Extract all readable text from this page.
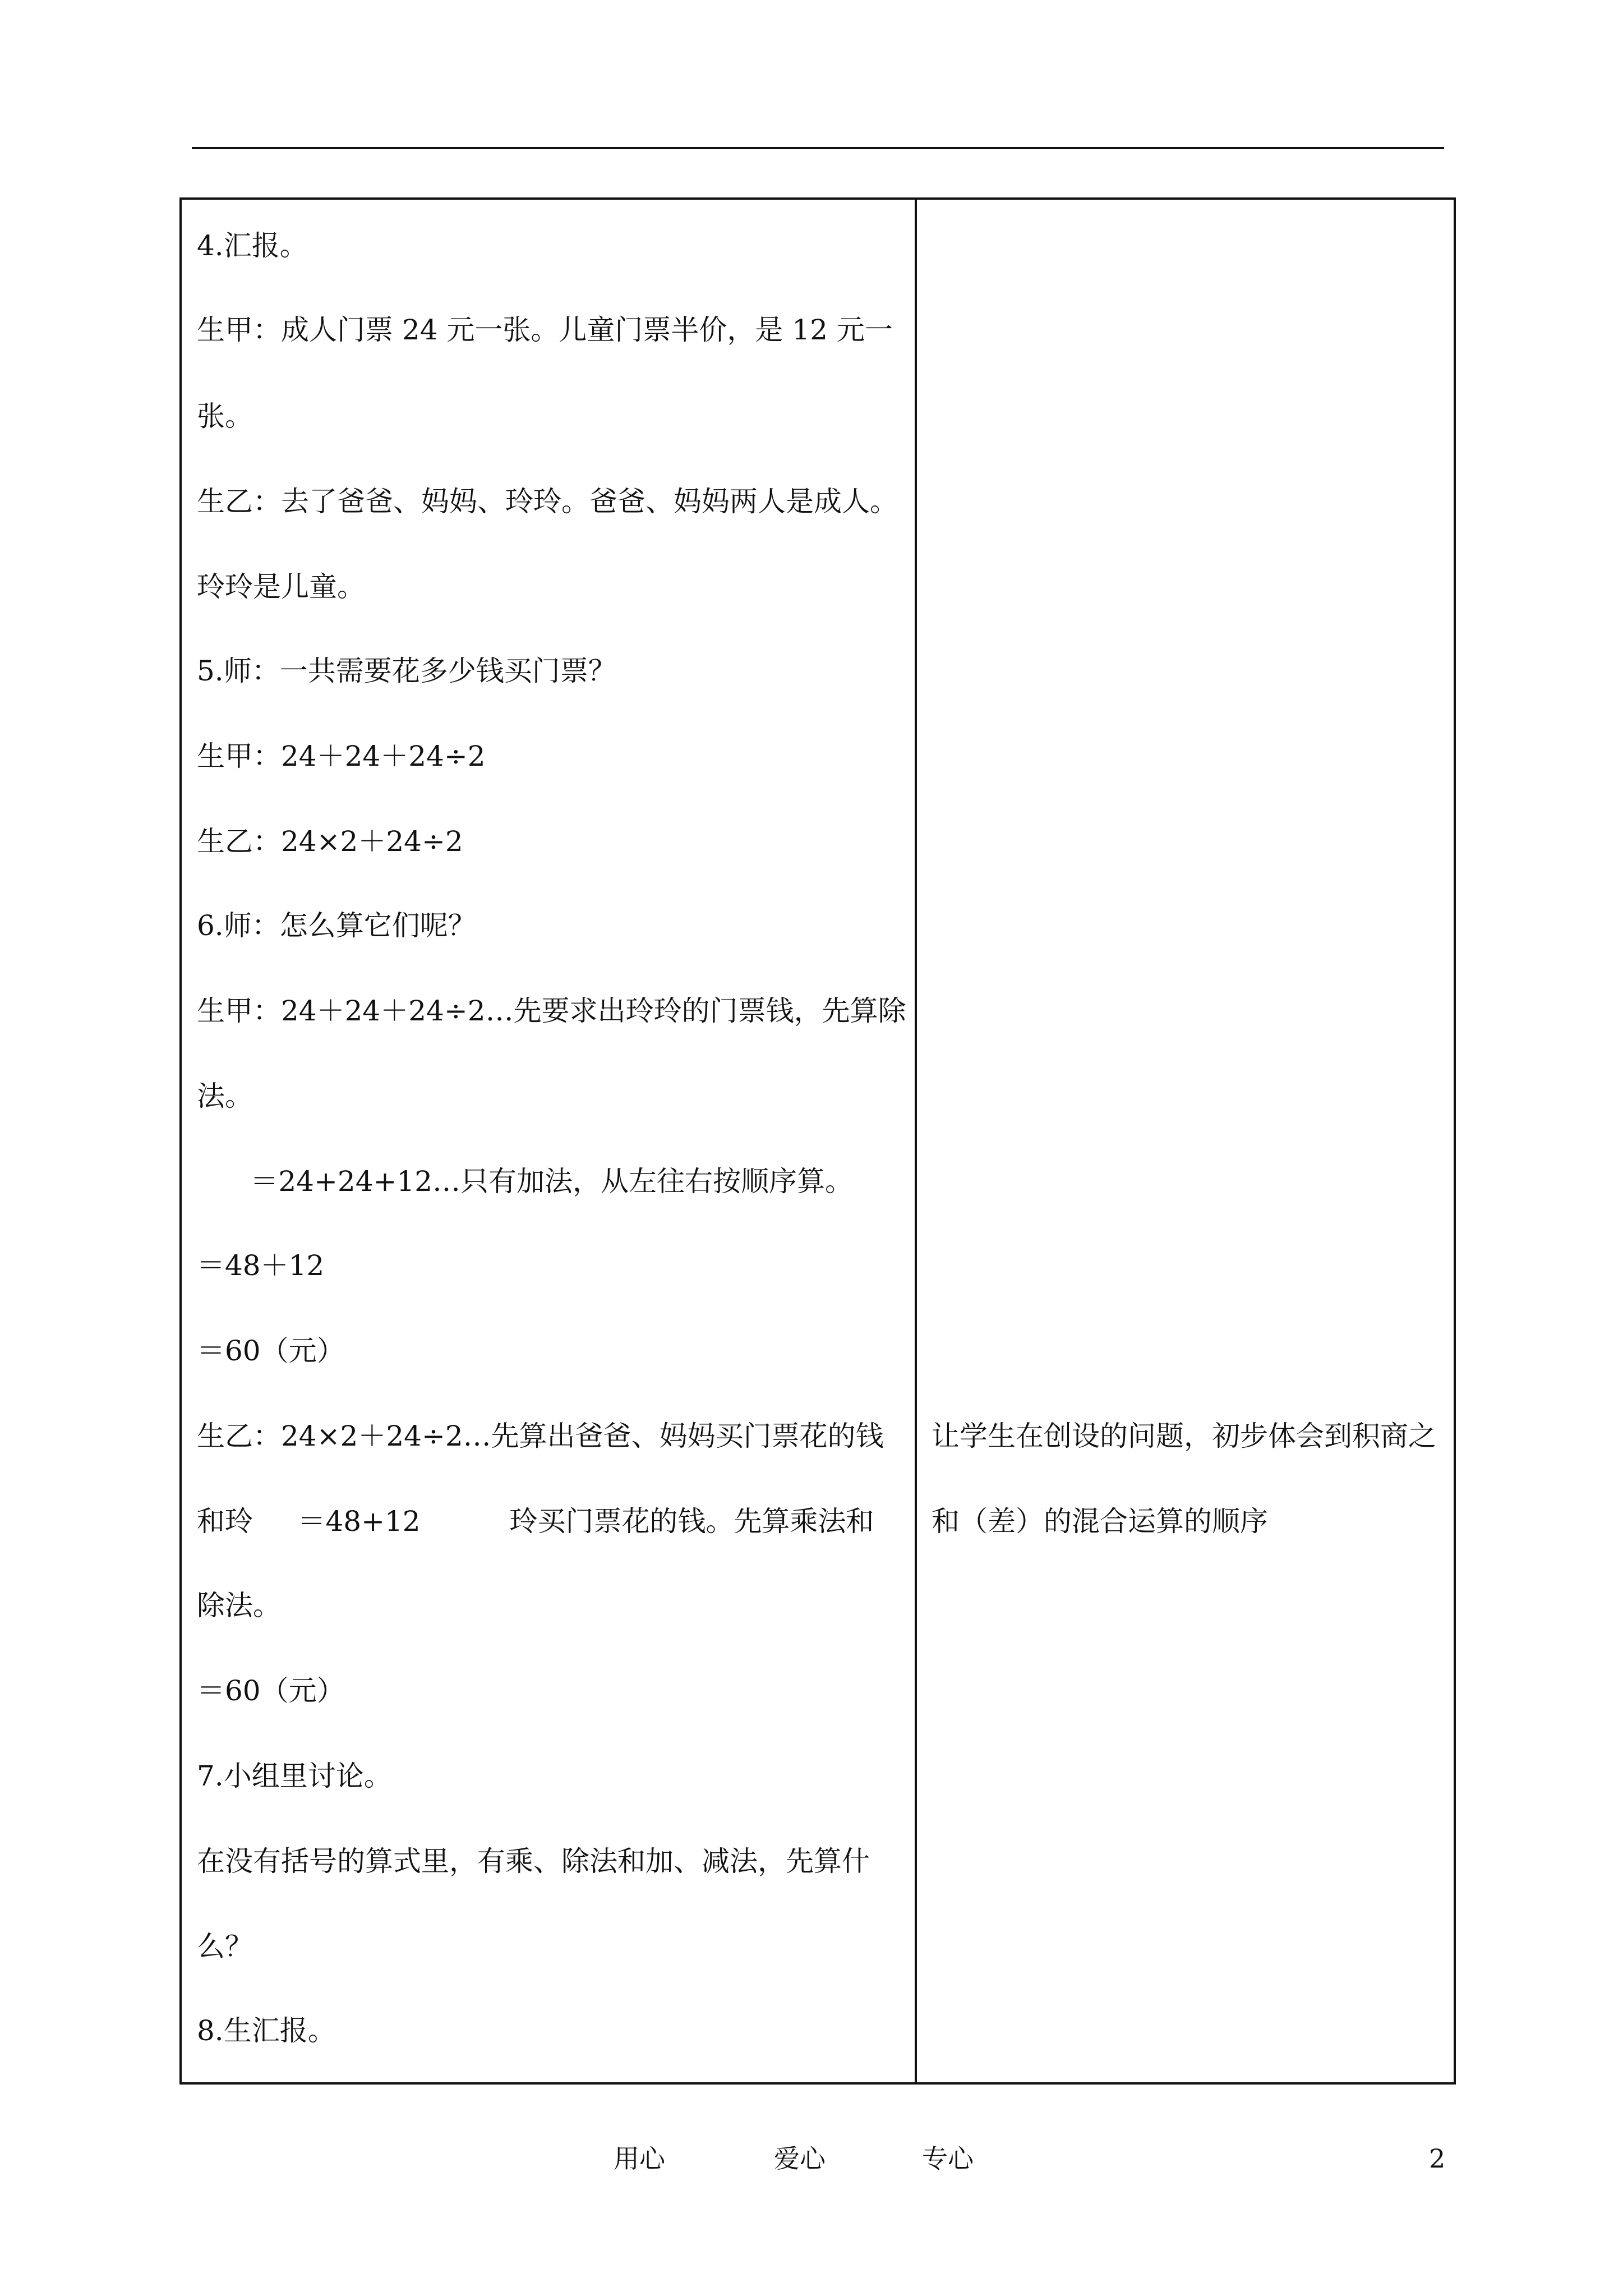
4.汇报。
生甲：成人门票 24 元一张。儿童门票半价，是 12 元一
张。
生乙：去了爸爸、妈妈、玲玲。爸爸、妈妈两人是成人。
玲玲是儿童。
5.师：一共需要花多少钱买门票？
生甲：24＋24＋24÷2
生乙：24×2＋24÷2
6.师：怎么算它们呢？
生甲：24＋24＋24÷2…先要求出玲玲的门票钱，先算除
法。
＝24+24+12…只有加法，从左往右按顺序算。
＝48＋12
＝60（元）
生乙：24×2＋24÷2…先算出爸爸、妈妈买门票花的钱
和玲     ＝48+12          玲买门票花的钱。先算乘法和
除法。
＝60（元）
7.小组里讨论。
在没有括号的算式里，有乘、除法和加、减法，先算什
么？
8.生汇报。
让学生在创设的问题，初步体会到积商之
和（差）的混合运算的顺序
用心	爱心	专心	2
